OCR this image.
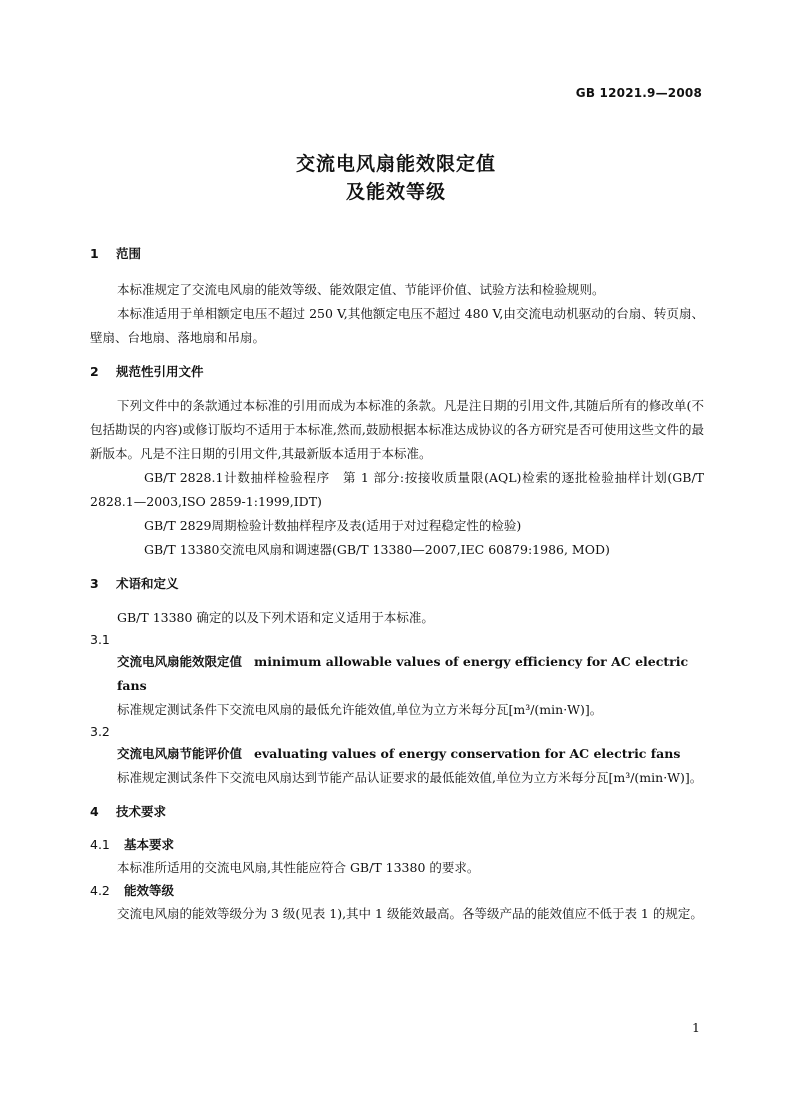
GB 12021.9—2008
交流电风扇能效限定值
及能效等级
1 范围

本标准规定了交流电风扇的能效等级、能效限定值、节能评价值、试验方法和检验规则。

本标准适用于单相额定电压不超过 250 V,其他额定电压不超过 480 V,由交流电动机驱动的台扇、转页扇、壁扇、台地扇、落地扇和吊扇。

2 规范性引用文件

下列文件中的条款通过本标准的引用而成为本标准的条款。凡是注日期的引用文件,其随后所有的修改单(不包括勘误的内容)或修订版均不适用于本标准,然而,鼓励根据本标准达成协议的各方研究是否可使用这些文件的最新版本。凡是不注日期的引用文件,其最新版本适用于本标准。

GB/T 2828.1计数抽样检验程序　第 1 部分:按接收质量限(AQL)检索的逐批检验抽样计划(GB/T 2828.1—2003,ISO 2859-1:1999,IDT)

GB/T 2829周期检验计数抽样程序及表(适用于对过程稳定性的检验)

GB/T 13380交流电风扇和调速器(GB/T 13380—2007,IEC 60879:1986, MOD)

3 术语和定义

GB/T 13380 确定的以及下列术语和定义适用于本标准。

3.1
交流电风扇能效限定值 minimum allowable values of energy efficiency for AC electric fans

标准规定测试条件下交流电风扇的最低允许能效值,单位为立方米每分瓦[m³/(min·W)]。

3.2
交流电风扇节能评价值 evaluating values of energy conservation for AC electric fans

标准规定测试条件下交流电风扇达到节能产品认证要求的最低能效值,单位为立方米每分瓦[m³/(min·W)]。

4 技术要求
4.1 基本要求

本标准所适用的交流电风扇,其性能应符合 GB/T 13380 的要求。

4.2 能效等级

交流电风扇的能效等级分为 3 级(见表 1),其中 1 级能效最高。各等级产品的能效值应不低于表 1 的规定。

1
